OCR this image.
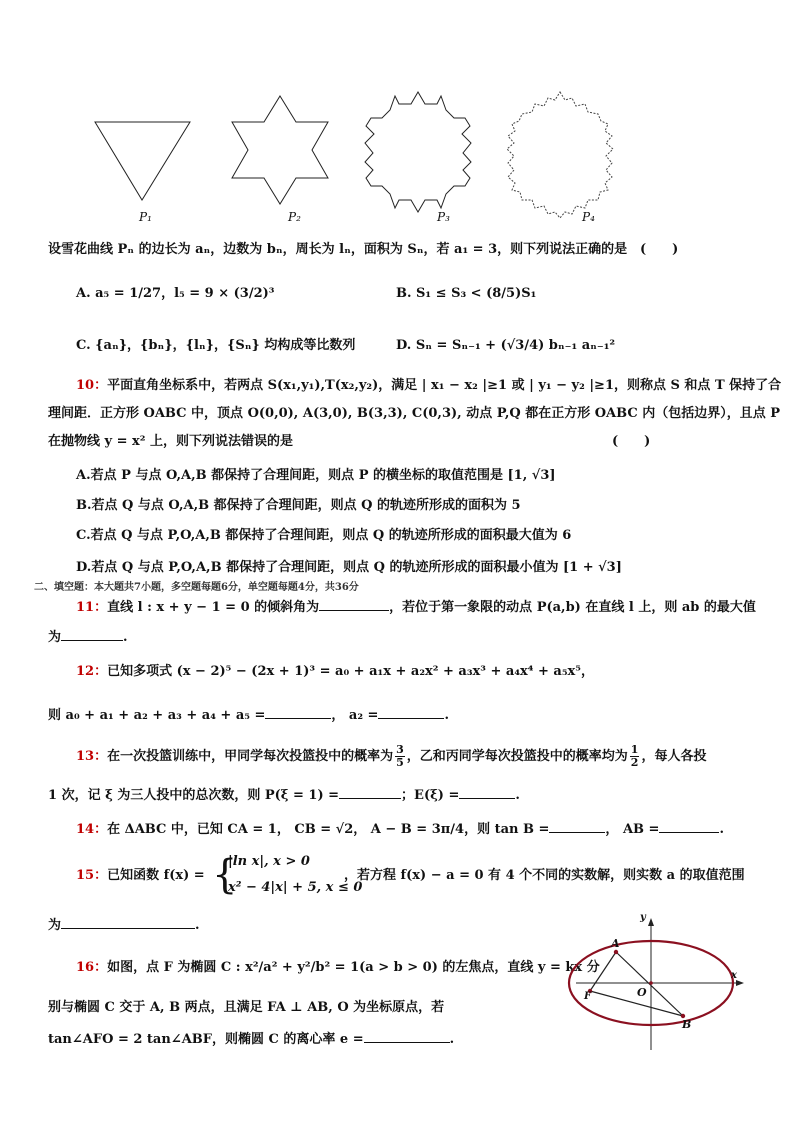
P₁	P₂	P₃	P₄
设雪花曲线 Pₙ 的边长为 aₙ，边数为 bₙ，周长为 lₙ，面积为 Sₙ，若 a₁ = 3，则下列说法正确的是 (　　)
A. a₅ = 1/27，l₅ = 9 × (3/2)³	B. S₁ ≤ S₃ < (8/5)S₁
C. {aₙ}，{bₙ}，{lₙ}，{Sₙ} 均构成等比数列	D. Sₙ = Sₙ₋₁ + (√3/4) bₙ₋₁ aₙ₋₁²
10：平面直角坐标系中，若两点 S(x₁,y₁),T(x₂,y₂)，满足 | x₁ − x₂ |≥1 或 | y₁ − y₂ |≥1，则称点 S 和点 T 保持了合
理间距．正方形 OABC 中，顶点 O(0,0), A(3,0), B(3,3), C(0,3), 动点 P,Q 都在正方形 OABC 内（包括边界），且点 P
在抛物线 y = x² 上，则下列说法错误的是	(　　)
A.若点 P 与点 O,A,B 都保持了合理间距，则点 P 的横坐标的取值范围是 [1, √3]
B.若点 Q 与点 O,A,B 都保持了合理间距，则点 Q 的轨迹所形成的面积为 5
C.若点 Q 与点 P,O,A,B 都保持了合理间距，则点 Q 的轨迹所形成的面积最大值为 6
D.若点 Q 与点 P,O,A,B 都保持了合理间距，则点 Q 的轨迹所形成的面积最小值为 [1 + √3]
二、填空题：本大题共7小题，多空题每题6分，单空题每题4分，共36分
11：直线 l : x + y − 1 = 0 的倾斜角为	，若位于第一象限的动点 P(a,b) 在直线 l 上，则 ab 的最大值
为	.
12：已知多项式 (x − 2)⁵ − (2x + 1)³ = a₀ + a₁x + a₂x² + a₃x³ + a₄x⁴ + a₅x⁵，
则 a₀ + a₁ + a₂ + a₃ + a₄ + a₅ =	， a₂ =	.
13：在一次投篮训练中，甲同学每次投篮投中的概率为 $\frac{3}{5}$ ，乙和丙同学每次投篮投中的概率均为 $\frac{1}{2}$ ，每人各投
1 次，记 ξ 为三人投中的总次数，则 P(ξ = 1) =	；E(ξ) =	.
14：在 ΔABC 中，已知 CA = 1， CB = √2， A − B = 3π/4，则 tan B =	， AB =	.
15：已知函数 f(x) = {
|ln x|, x > 0
x² − 4|x| + 5, x ≤ 0
，若方程 f(x) − a = 0 有 4 个不同的实数解，则实数 a 的取值范围
为	.
16：如图，点 F 为椭圆 C : x²/a² + y²/b² = 1(a > b > 0) 的左焦点，直线 y = kx 分
别与椭圆 C 交于 A, B 两点，且满足 FA ⊥ AB, O 为坐标原点，若
tan∠AFO = 2 tan∠ABF，则椭圆 C 的离心率 e =	.
y
x
A
B
F	O
